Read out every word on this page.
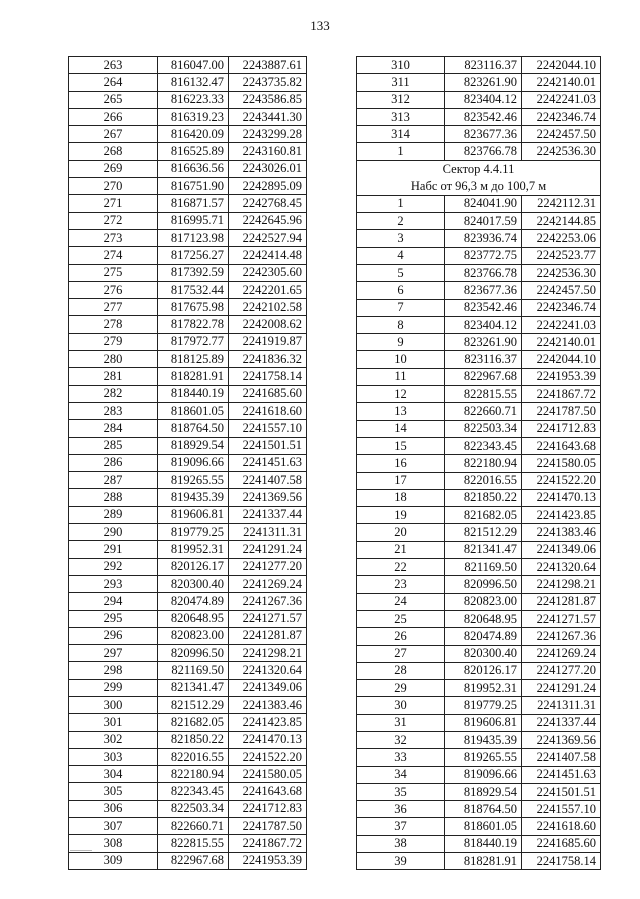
133
263	816047.00	2243887.61
264	816132.47	2243735.82
265	816223.33	2243586.85
266	816319.23	2243441.30
267	816420.09	2243299.28
268	816525.89	2243160.81
269	816636.56	2243026.01
270	816751.90	2242895.09
271	816871.57	2242768.45
272	816995.71	2242645.96
273	817123.98	2242527.94
274	817256.27	2242414.48
275	817392.59	2242305.60
276	817532.44	2242201.65
277	817675.98	2242102.58
278	817822.78	2242008.62
279	817972.77	2241919.87
280	818125.89	2241836.32
281	818281.91	2241758.14
282	818440.19	2241685.60
283	818601.05	2241618.60
284	818764.50	2241557.10
285	818929.54	2241501.51
286	819096.66	2241451.63
287	819265.55	2241407.58
288	819435.39	2241369.56
289	819606.81	2241337.44
290	819779.25	2241311.31
291	819952.31	2241291.24
292	820126.17	2241277.20
293	820300.40	2241269.24
294	820474.89	2241267.36
295	820648.95	2241271.57
296	820823.00	2241281.87
297	820996.50	2241298.21
298	821169.50	2241320.64
299	821341.47	2241349.06
300	821512.29	2241383.46
301	821682.05	2241423.85
302	821850.22	2241470.13
303	822016.55	2241522.20
304	822180.94	2241580.05
305	822343.45	2241643.68
306	822503.34	2241712.83
307	822660.71	2241787.50
308	822815.55	2241867.72
309	822967.68	2241953.39
310	823116.37	2242044.10
311	823261.90	2242140.01
312	823404.12	2242241.03
313	823542.46	2242346.74
314	823677.36	2242457.50
1	823766.78	2242536.30
Сектор 4.4.11
Набс от 96,3 м до 100,7 м		
1	824041.90	2242112.31
2	824017.59	2242144.85
3	823936.74	2242253.06
4	823772.75	2242523.77
5	823766.78	2242536.30
6	823677.36	2242457.50
7	823542.46	2242346.74
8	823404.12	2242241.03
9	823261.90	2242140.01
10	823116.37	2242044.10
11	822967.68	2241953.39
12	822815.55	2241867.72
13	822660.71	2241787.50
14	822503.34	2241712.83
15	822343.45	2241643.68
16	822180.94	2241580.05
17	822016.55	2241522.20
18	821850.22	2241470.13
19	821682.05	2241423.85
20	821512.29	2241383.46
21	821341.47	2241349.06
22	821169.50	2241320.64
23	820996.50	2241298.21
24	820823.00	2241281.87
25	820648.95	2241271.57
26	820474.89	2241267.36
27	820300.40	2241269.24
28	820126.17	2241277.20
29	819952.31	2241291.24
30	819779.25	2241311.31
31	819606.81	2241337.44
32	819435.39	2241369.56
33	819265.55	2241407.58
34	819096.66	2241451.63
35	818929.54	2241501.51
36	818764.50	2241557.10
37	818601.05	2241618.60
38	818440.19	2241685.60
39	818281.91	2241758.14
